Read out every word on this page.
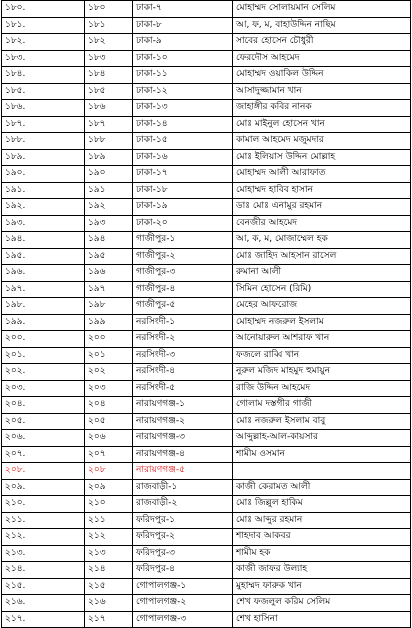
১৮০.	১৮০	ঢাকা-৭	মোহাম্মদ সোলায়মান সেলিম
১৮১.	১৮১	ঢাকা-৮	আ, ফ, ম, বাহাউদ্দিন নাছিম
১৮২.	১৮২	ঢাকা-৯	সাবের হোসেন চৌধুরী
১৮৩.	১৮৩	ঢাকা-১০	ফেরদৌস আহমেদ
১৮৪.	১৮৪	ঢাকা-১১	মোহাম্মদ ওয়াকিল উদ্দিন
১৮৫.	১৮৫	ঢাকা-১২	আসাদুজ্জামান খান
১৮৬.	১৮৬	ঢাকা-১৩	জাহাঙ্গীর কবির নানক
১৮৭.	১৮৭	ঢাকা-১৪	মোঃ মাইনুল হোসেন খান
১৮৮.	১৮৮	ঢাকা-১৫	কামাল আহমেদ মজুমদার
১৮৯.	১৮৯	ঢাকা-১৬	মোঃ ইলিয়াস উদ্দিন মোল্লাহ
১৯০.	১৯০	ঢাকা-১৭	মোহাম্মদ আলী আরাফাত
১৯১.	১৯১	ঢাকা-১৮	মোহাম্মদ হাবিব হাসান
১৯২.	১৯২	ঢাকা-১৯	ডাঃ মোঃ এনামুর রহমান
১৯৩.	১৯৩	ঢাকা-২০	বেনজীর আহমেদ
১৯৪.	১৯৪	গাজীপুর-১	আ, ক, ম, মোজাম্মেল হক
১৯৫.	১৯৫	গাজীপুর-২	মোঃ জাহিদ আহসান রাসেল
১৯৬.	১৯৬	গাজীপুর-৩	রুমানা আলী
১৯৭.	১৯৭	গাজীপুর-৪	সিমিন হোসেন (রিমি)
১৯৮.	১৯৮	গাজীপুর-৫	মেহের আফরোজ
১৯৯.	১৯৯	নরসিংদী-১	মোহাম্মদ নজরুল ইসলাম
২০০.	২০০	নরসিংদী-২	আনোয়ারুল আশরাফ খান
২০১.	২০১	নরসিংদী-৩	ফজলে রাব্বি খান
২০২.	২০২	নরসিংদী-৪	নুরুল মজিদ মাহমুদ হুমায়ুন
২০৩.	২০৩	নরসিংদী-৫	রাজি উদ্দিন আহমেদ
২০৪.	২০৪	নারায়ণগঞ্জ-১	গোলাম দস্তগীর গাজী
২০৫.	২০৫	নারায়ণগঞ্জ-২	মোঃ নজরুল ইসলাম বাবু
২০৬.	২০৬	নারায়ণগঞ্জ-৩	আব্দুল্লাহ-আল-কায়সার
২০৭.	২০৭	নারায়ণগঞ্জ-৪	শামীম ওসমান
২০৮.	২০৮	নারায়ণগঞ্জ-৫	
২০৯.	২০৯	রাজবাড়ী-১	কাজী কেরামত আলী
২১০.	২১০	রাজবাড়ী-২	মোঃ জিল্লুল হাকিম
২১১.	২১১	ফরিদপুর-১	মোঃ আব্দুর রহমান
২১২.	২১২	ফরিদপুর-২	শাহদাব আকবর
২১৩.	২১৩	ফরিদপুর-৩	শামীম হক
২১৪.	২১৪	ফরিদপুর-৪	কাজী জাফর উল্যাহ
২১৫.	২১৫	গোপালগঞ্জ-১	মুহাম্মদ ফারুক খান
২১৬.	২১৬	গোপালগঞ্জ-২	শেখ ফজলুল করিম সেলিম
২১৭.	২১৭	গোপালগঞ্জ-৩	শেখ হাসিনা
